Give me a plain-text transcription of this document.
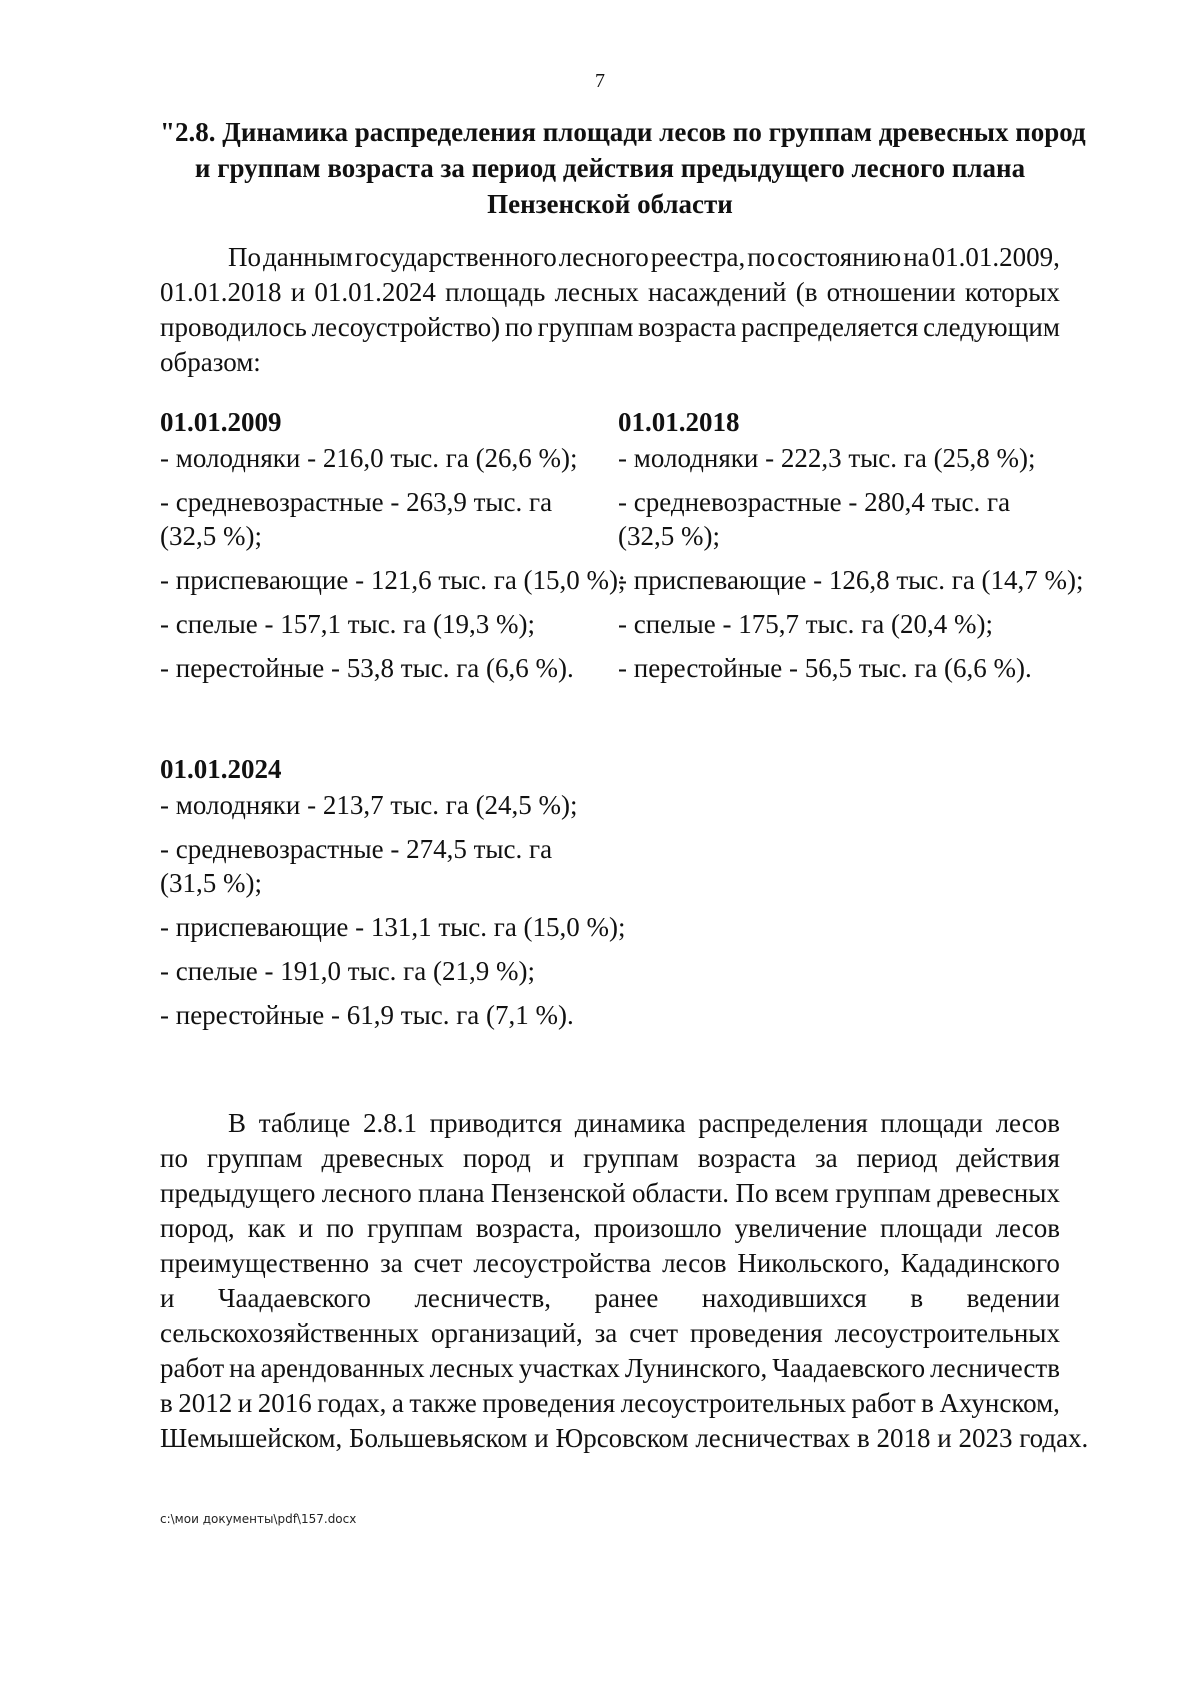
7
"2.8. Динамика распределения площади лесов по группам древесных пород
и группам возраста за период действия предыдущего лесного плана
Пензенской области
По данным государственного лесного реестра, по состоянию на 01.01.2009,
01.01.2018 и 01.01.2024 площадь лесных насаждений (в отношении которых
проводилось лесоустройство) по группам возраста распределяется следующим
образом:
01.01.2009
- молодняки - 216,0 тыс. га (26,6 %);
- средневозрастные - 263,9 тыс. га
(32,5 %);
- приспевающие - 121,6 тыс. га (15,0 %);
- спелые - 157,1 тыс. га (19,3 %);
- перестойные - 53,8 тыс. га (6,6 %).
01.01.2018
- молодняки - 222,3 тыс. га (25,8 %);
- средневозрастные - 280,4 тыс. га
(32,5 %);
- приспевающие - 126,8 тыс. га (14,7 %);
- спелые - 175,7 тыс. га (20,4 %);
- перестойные - 56,5 тыс. га (6,6 %).
01.01.2024
- молодняки - 213,7 тыс. га (24,5 %);
- средневозрастные - 274,5 тыс. га
(31,5 %);
- приспевающие - 131,1 тыс. га (15,0 %);
- спелые - 191,0 тыс. га (21,9 %);
- перестойные - 61,9 тыс. га (7,1 %).
В таблице 2.8.1 приводится динамика распределения площади лесов
по группам древесных пород и группам возраста за период действия
предыдущего лесного плана Пензенской области. По всем группам древесных
пород, как и по группам возраста, произошло увеличение площади лесов
преимущественно за счет лесоустройства лесов Никольского, Кададинского
и Чаадаевского лесничеств, ранее находившихся в ведении
сельскохозяйственных организаций, за счет проведения лесоустроительных
работ на арендованных лесных участках Лунинского, Чаадаевского лесничеств
в 2012 и 2016 годах, а также проведения лесоустроительных работ в Ахунском,
Шемышейском, Большевьяском и Юрсовском лесничествах в 2018 и 2023 годах.
c:\мои документы\pdf\157.docx
